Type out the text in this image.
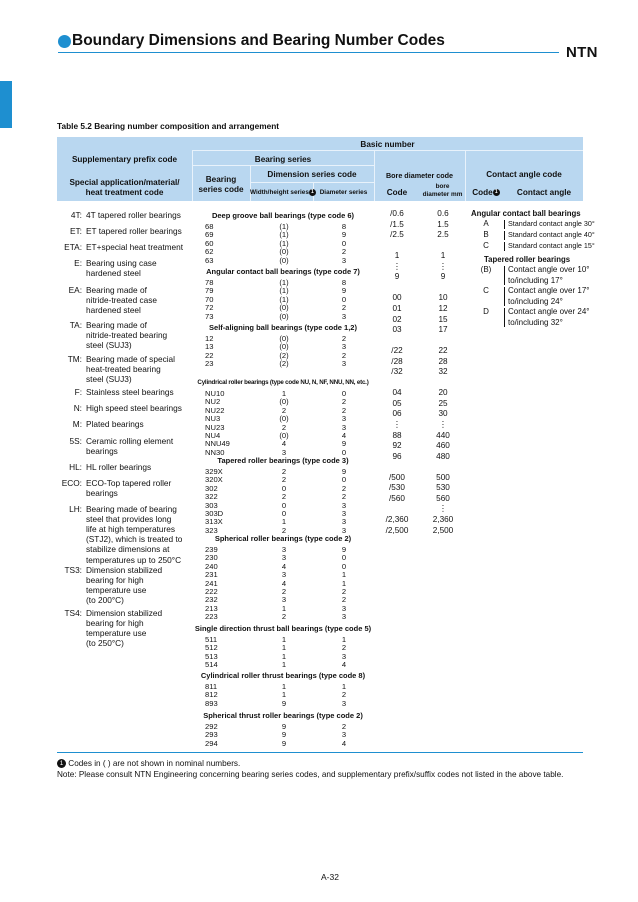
Boundary Dimensions and Bearing Number Codes
NTN
Table 5.2 Bearing number composition and arrangement
Basic number
Supplementary prefix code
Special application/material/
heat treatment code
Bearing series
Bearing
series code
Dimension series code
Width/height series 1 Diameter series
Bore diameter code
Code
bore
diameter mm
Contact angle code
Code 1	Contact angle
4T: 4T tapered roller bearings
ET: ET tapered roller bearings
ETA: ET+special heat treatment
E: Bearing using case
hardened steel
EA: Bearing made of
nitride-treated case
hardened steel
TA: Bearing made of
nitride-treated bearing
steel (SUJ3)
TM: Bearing made of special
heat-treated bearing
steel (SUJ3)
F: Stainless steel bearings
N: High speed steel bearings
M: Plated bearings
5S: Ceramic rolling element
bearings
HL: HL roller bearings
ECO: ECO-Top tapered roller
bearings
LH: Bearing made of bearing
steel that provides long
life at high temperatures
(STJ2), which is treated to
stabilize dimensions at
temperatures up to 250°C
TS3: Dimension stabilized
bearing for high
temperature use
(to 200°C)
TS4: Dimension stabilized
bearing for high
temperature use
(to 250°C)
Deep groove ball bearings (type code 6)
68	(1)	8
69	(1)	9
60	(1)	0
62	(0)	2
63	(0)	3
Angular contact ball bearings (type code 7)
78	(1)	8
79	(1)	9
70	(1)	0
72	(0)	2
73	(0)	3
Self-aligning ball bearings (type code 1,2)
12	(0)	2
13	(0)	3
22	(2)	2
23	(2)	3
Cylindrical roller bearings (type code NU, N, NF, NNU, NN, etc.)
NU10	1	0
NU2	(0)	2
NU22	2	2
NU3	(0)	3
NU23	2	3
NU4	(0)	4
NNU49	4	9
NN30	3	0
Tapered roller bearings (type code 3)
329X	2	9
320X	2	0
302	0	2
322	2	2
303	0	3
303D	0	3
313X	1	3
323	2	3
Spherical roller bearings (type code 2)
239	3	9
230	3	0
240	4	0
231	3	1
241	4	1
222	2	2
232	3	2
213	1	3
223	2	3
Single direction thrust ball bearings (type code 5)
511	1	1
512	1	2
513	1	3
514	1	4
Cylindrical roller thrust bearings (type code 8)
811	1	1
812	1	2
893	9	3
Spherical thrust roller bearings (type code 2)
292	9	2
293	9	3
294	9	4
/0.6	0.6
/1.5	1.5
/2.5	2.5
1	1
⋮	⋮
9	9
00	10
01	12
02	15
03	17
/22	22
/28	28
/32	32
04	20
05	25
06	30
⋮	⋮
88	440
92	460
96	480
/500	500
/530	530
/560	560
⋮
/2,360	2,360
/2,500	2,500
Angular contact ball bearings
A	Standard contact angle 30°
B	Standard contact angle 40°
C	Standard contact angle 15°
Tapered roller bearings
(B)	Contact angle over 10°
to/including 17°
C	Contact angle over 17°
to/including 24°
D	Contact angle over 24°
to/including 32°
1 Codes in ( ) are not shown in nominal numbers.
Note: Please consult NTN Engineering concerning bearing series codes, and supplementary prefix/suffix codes not listed in the above table.
A-32
